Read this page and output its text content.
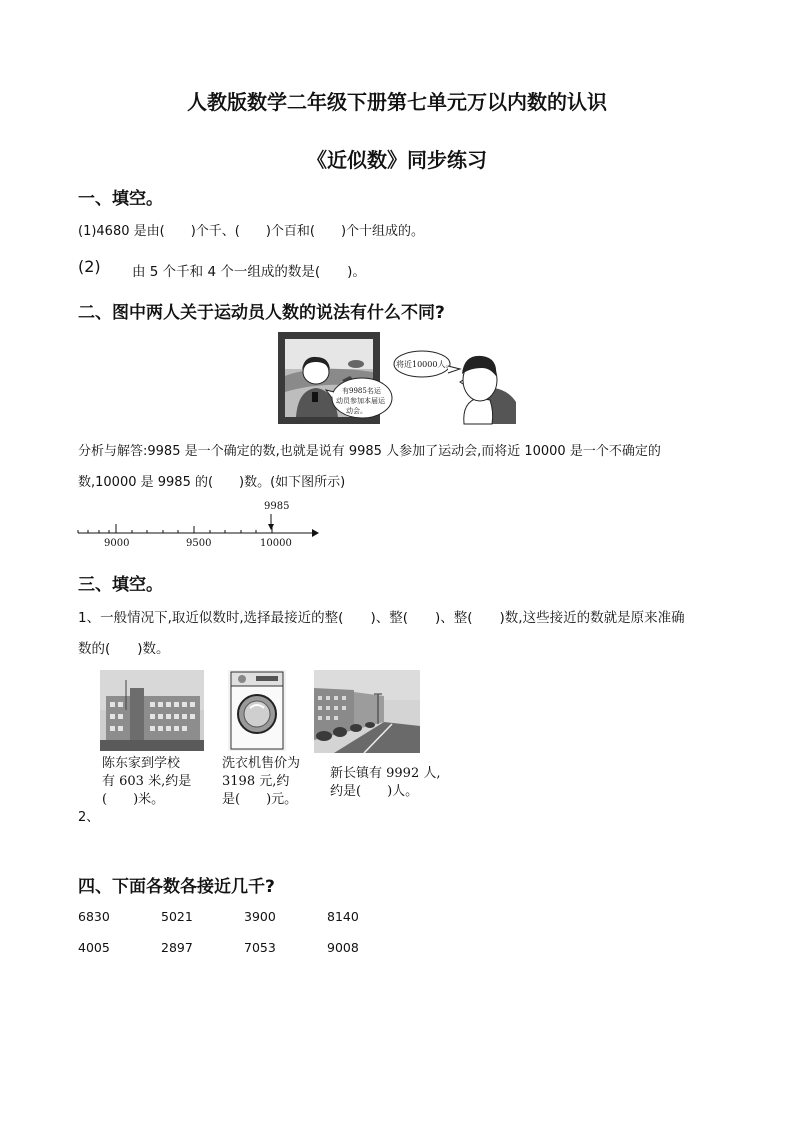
人教版数学二年级下册第七单元万以内数的认识
《近似数》同步练习
一、填空。
(1)4680 是由(　　)个千、(　　)个百和(　　)个十组成的。
(2) 由 5 个千和 4 个一组成的数是(　　)。
二、图中两人关于运动员人数的说法有什么不同?
将近10000人。
有9985名运
动员参加本届运
动会。
分析与解答:9985 是一个确定的数,也就是说有 9985 人参加了运动会,而将近 10000 是一个不确定的
数,10000 是 9985 的(　　)数。(如下图所示)
9985
9000	9500	10000
三、填空。
1、一般情况下,取近似数时,选择最接近的整(　　)、整(　　)、整(　　)数,这些接近的数就是原来准确
数的(　　)数。
陈东家到学校
有 603 米,约是
(　　)米。
洗衣机售价为
3198 元,约
是(　　)元。
新长镇有 9992 人,
约是(　　)人。
2、
四、下面各数各接近几千?
6830	5021	3900	8140
4005	2897	7053	9008
